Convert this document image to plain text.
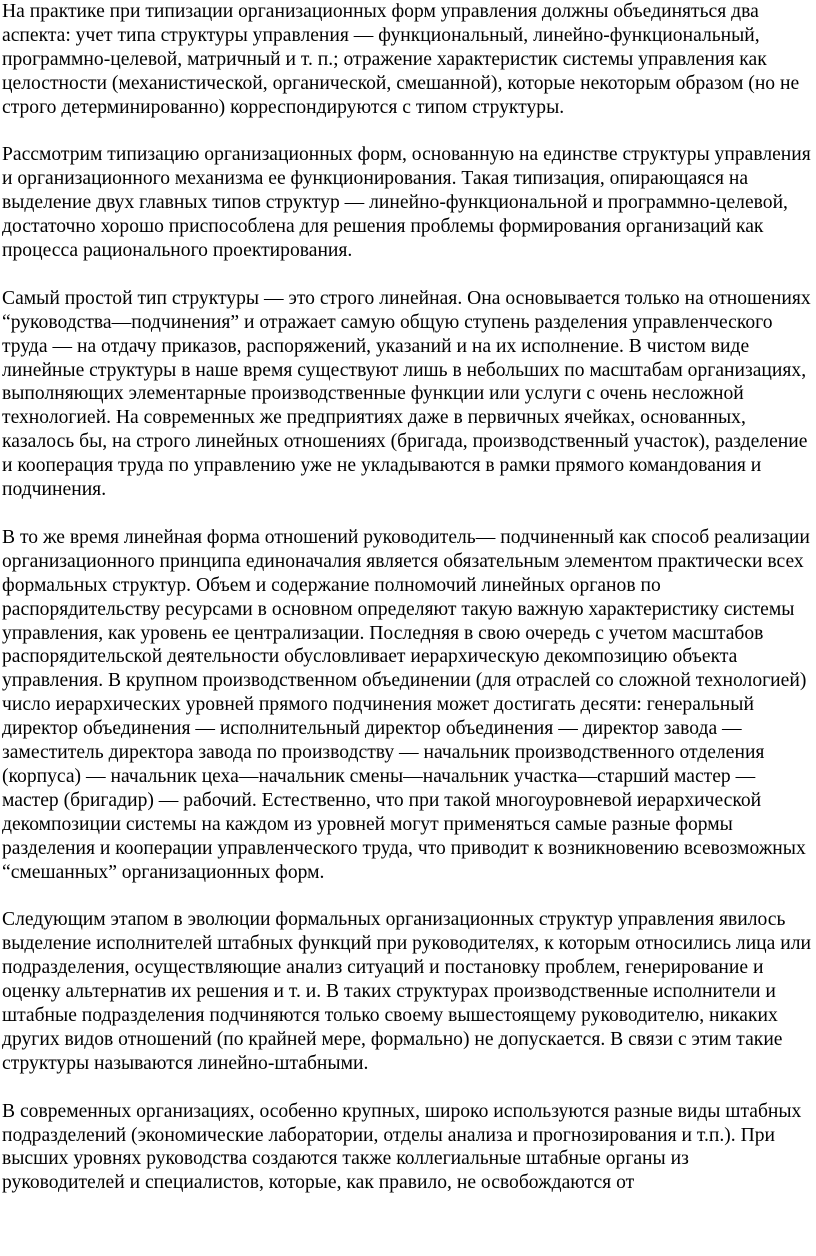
На практике при типизации организационных форм управления должны объединяться два аспекта: учет типа структуры управления — функциональный, линейно-функциональный, программно-целевой, матричный и т. п.; отражение характеристик системы управления как целостности (механистической, органической, смешанной), которые некоторым образом (но не строго детерминированно) корреспондируются с типом структуры.

Рассмотрим типизацию организационных форм, основанную на единстве структуры управления и организационного механизма ее функционирования. Такая типизация, опирающаяся на выделение двух главных типов структур — линейно-функциональной и программно-целевой, достаточно хорошо приспособлена для решения проблемы формирования организаций как процесса рационального проектирования.

Самый простой тип структуры — это строго линейная. Она основывается только на отношениях “руководства—подчинения” и отражает самую общую ступень разделения управленческого труда — на отдачу приказов, распоряжений, указаний и на их исполнение. В чистом виде линейные структуры в наше время существуют лишь в небольших по масштабам организациях, выполняющих элементарные производственные функции или услуги с очень несложной технологией. На современных же предприятиях даже в первичных ячейках, основанных, казалось бы, на строго линейных отношениях (бригада, производственный участок), разделение и кооперация труда по управлению уже не укладываются в рамки прямого командования и подчинения.

В то же время линейная форма отношений руководитель— подчиненный как способ реализации организационного принципа единоначалия является обязательным элементом практически всех формальных структур. Объем и содержание полномочий линейных органов по распорядительству ресурсами в основном определяют такую важную характеристику системы управления, как уровень ее централизации. Последняя в свою очередь с учетом масштабов распорядительской деятельности обусловливает иерархическую декомпозицию объекта управления. В крупном производственном объединении (для отраслей со сложной технологией) число иерархических уровней прямого подчинения может достигать десяти: генеральный директор объединения — исполнительный директор объединения — директор завода — заместитель директора завода по производству — начальник производственного отделения (корпуса) — начальник цеха—начальник смены—начальник участка—старший мастер — мастер (бригадир) — рабочий. Естественно, что при такой многоуровневой иерархической декомпозиции системы на каждом из уровней могут применяться самые разные формы разделения и кооперации управленческого труда, что приводит к возникновению всевозможных “смешанных” организационных форм.

Следующим этапом в эволюции формальных организационных структур управления явилось выделение исполнителей штабных функций при руководителях, к которым относились лица или подразделения, осуществляющие анализ ситуаций и постановку проблем, генерирование и оценку альтернатив их решения и т. и. В таких структурах производственные исполнители и штабные подразделения подчиняются только своему вышестоящему руководителю, никаких других видов отношений (по крайней мере, формально) не допускается. В связи с этим такие структуры называются линейно-штабными.

В современных организациях, особенно крупных, широко используются разные виды штабных подразделений (экономические лаборатории, отделы анализа и прогнозирования и т.п.). При высших уровнях руководства создаются также коллегиальные штабные органы из руководителей и специалистов, которые, как правило, не освобождаются от
